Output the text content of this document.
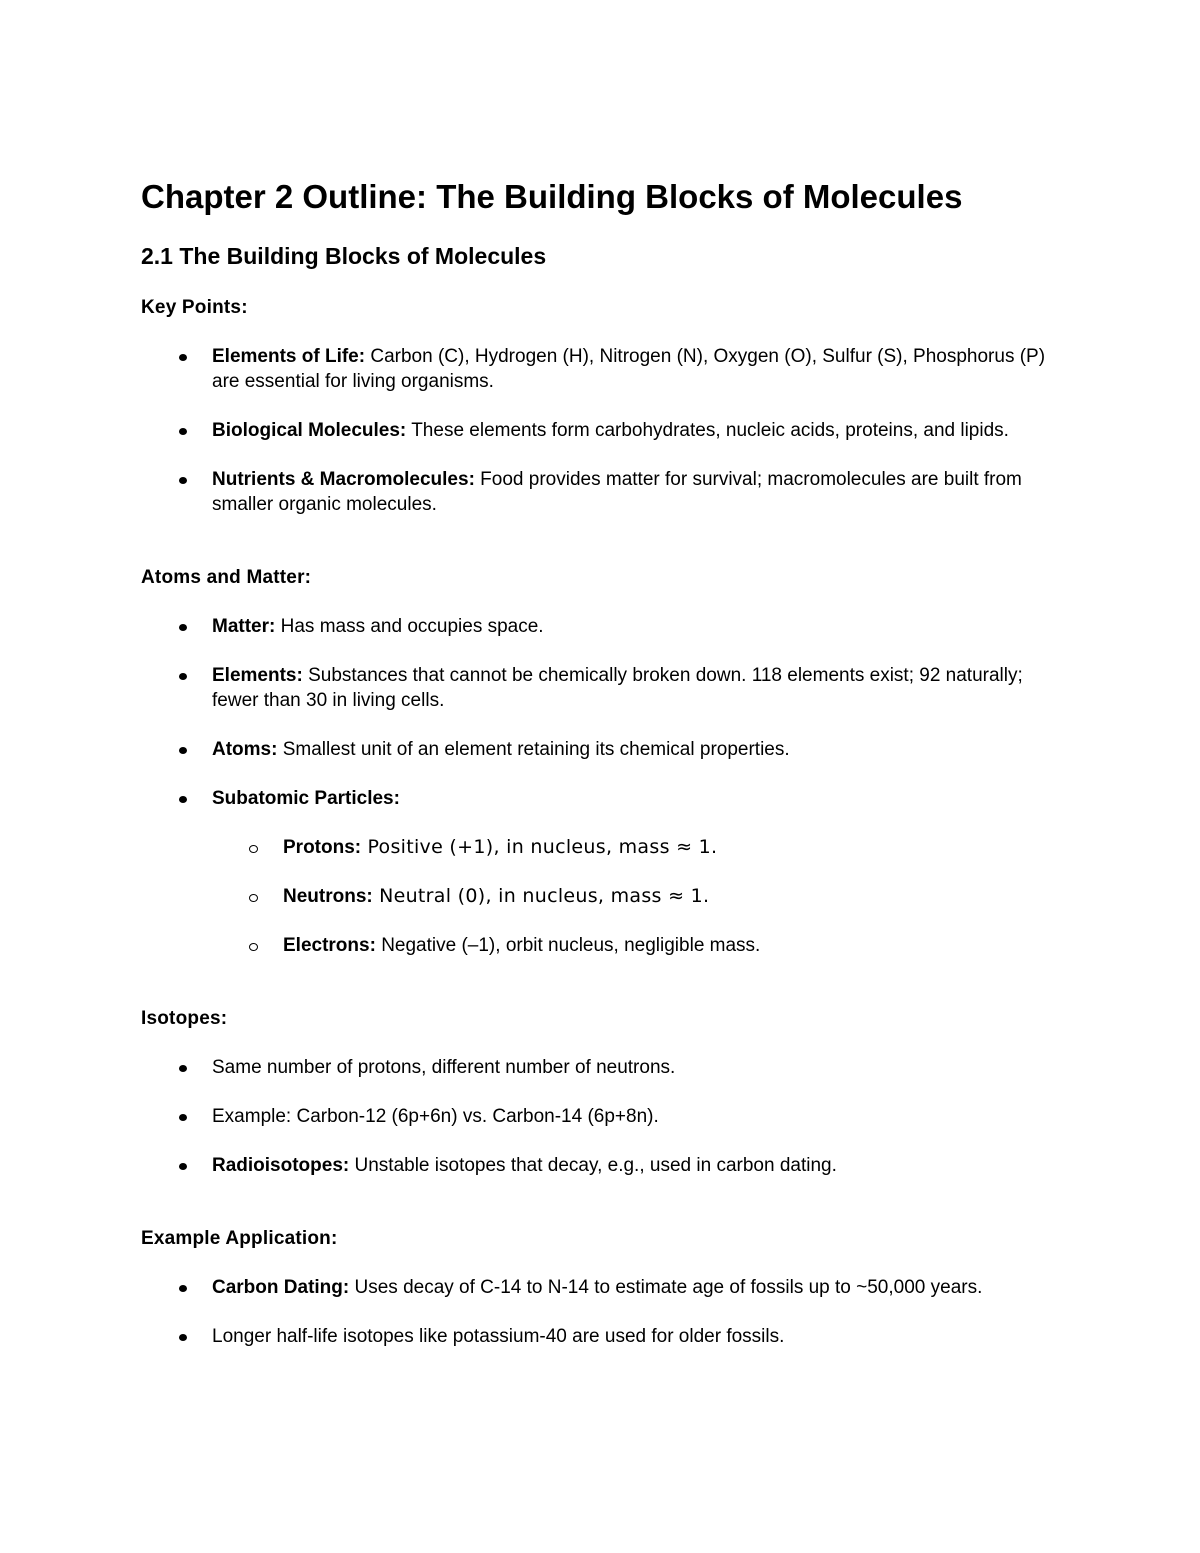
Chapter 2 Outline: The Building Blocks of Molecules
2.1 The Building Blocks of Molecules

Key Points:

Elements of Life: Carbon (C), Hydrogen (H), Nitrogen (N), Oxygen (O), Sulfur (S), Phosphorus (P) are essential for living organisms.
Biological Molecules: These elements form carbohydrates, nucleic acids, proteins, and lipids.
Nutrients & Macromolecules: Food provides matter for survival; macromolecules are built from smaller organic molecules.

Atoms and Matter:

Matter: Has mass and occupies space.
Elements: Substances that cannot be chemically broken down. 118 elements exist; 92 naturally; fewer than 30 in living cells.
Atoms: Smallest unit of an element retaining its chemical properties.
Subatomic Particles:
Protons: Positive (+1), in nucleus, mass ≈ 1.
Neutrons: Neutral (0), in nucleus, mass ≈ 1.
Electrons: Negative (–1), orbit nucleus, negligible mass.

Isotopes:

Same number of protons, different number of neutrons.
Example: Carbon-12 (6p+6n) vs. Carbon-14 (6p+8n).
Radioisotopes: Unstable isotopes that decay, e.g., used in carbon dating.

Example Application:

Carbon Dating: Uses decay of C-14 to N-14 to estimate age of fossils up to ~50,000 years.
Longer half-life isotopes like potassium-40 are used for older fossils.
